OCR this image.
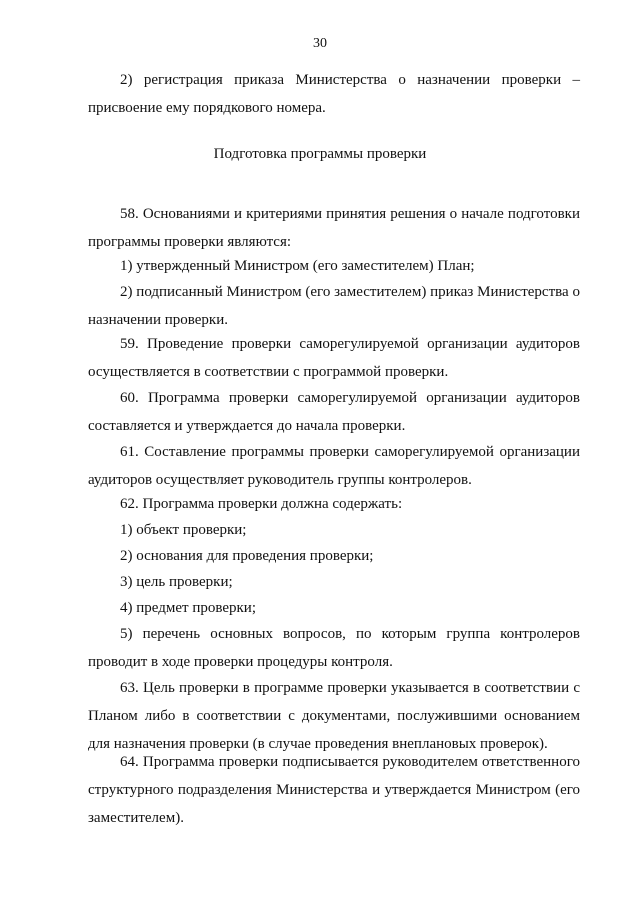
30

2) регистрация приказа Министерства о назначении проверки – присвоение ему порядкового номера.

Подготовка программы проверки

58. Основаниями и критериями принятия решения о начале подготовки программы проверки являются:

1) утвержденный Министром (его заместителем) План;

2) подписанный Министром (его заместителем) приказ Министерства о назначении проверки.

59. Проведение проверки саморегулируемой организации аудиторов осуществляется в соответствии с программой проверки.

60. Программа проверки саморегулируемой организации аудиторов составляется и утверждается до начала проверки.

61. Составление программы проверки саморегулируемой организации аудиторов осуществляет руководитель группы контролеров.

62. Программа проверки должна содержать:

1) объект проверки;

2) основания для проведения проверки;

3) цель проверки;

4) предмет проверки;

5) перечень основных вопросов, по которым группа контролеров проводит в ходе проверки процедуры контроля.

63. Цель проверки в программе проверки указывается в соответствии с Планом либо в соответствии с документами, послужившими основанием для назначения проверки (в случае проведения внеплановых проверок).

64. Программа проверки подписывается руководителем ответственного структурного подразделения Министерства и утверждается Министром (его заместителем).
